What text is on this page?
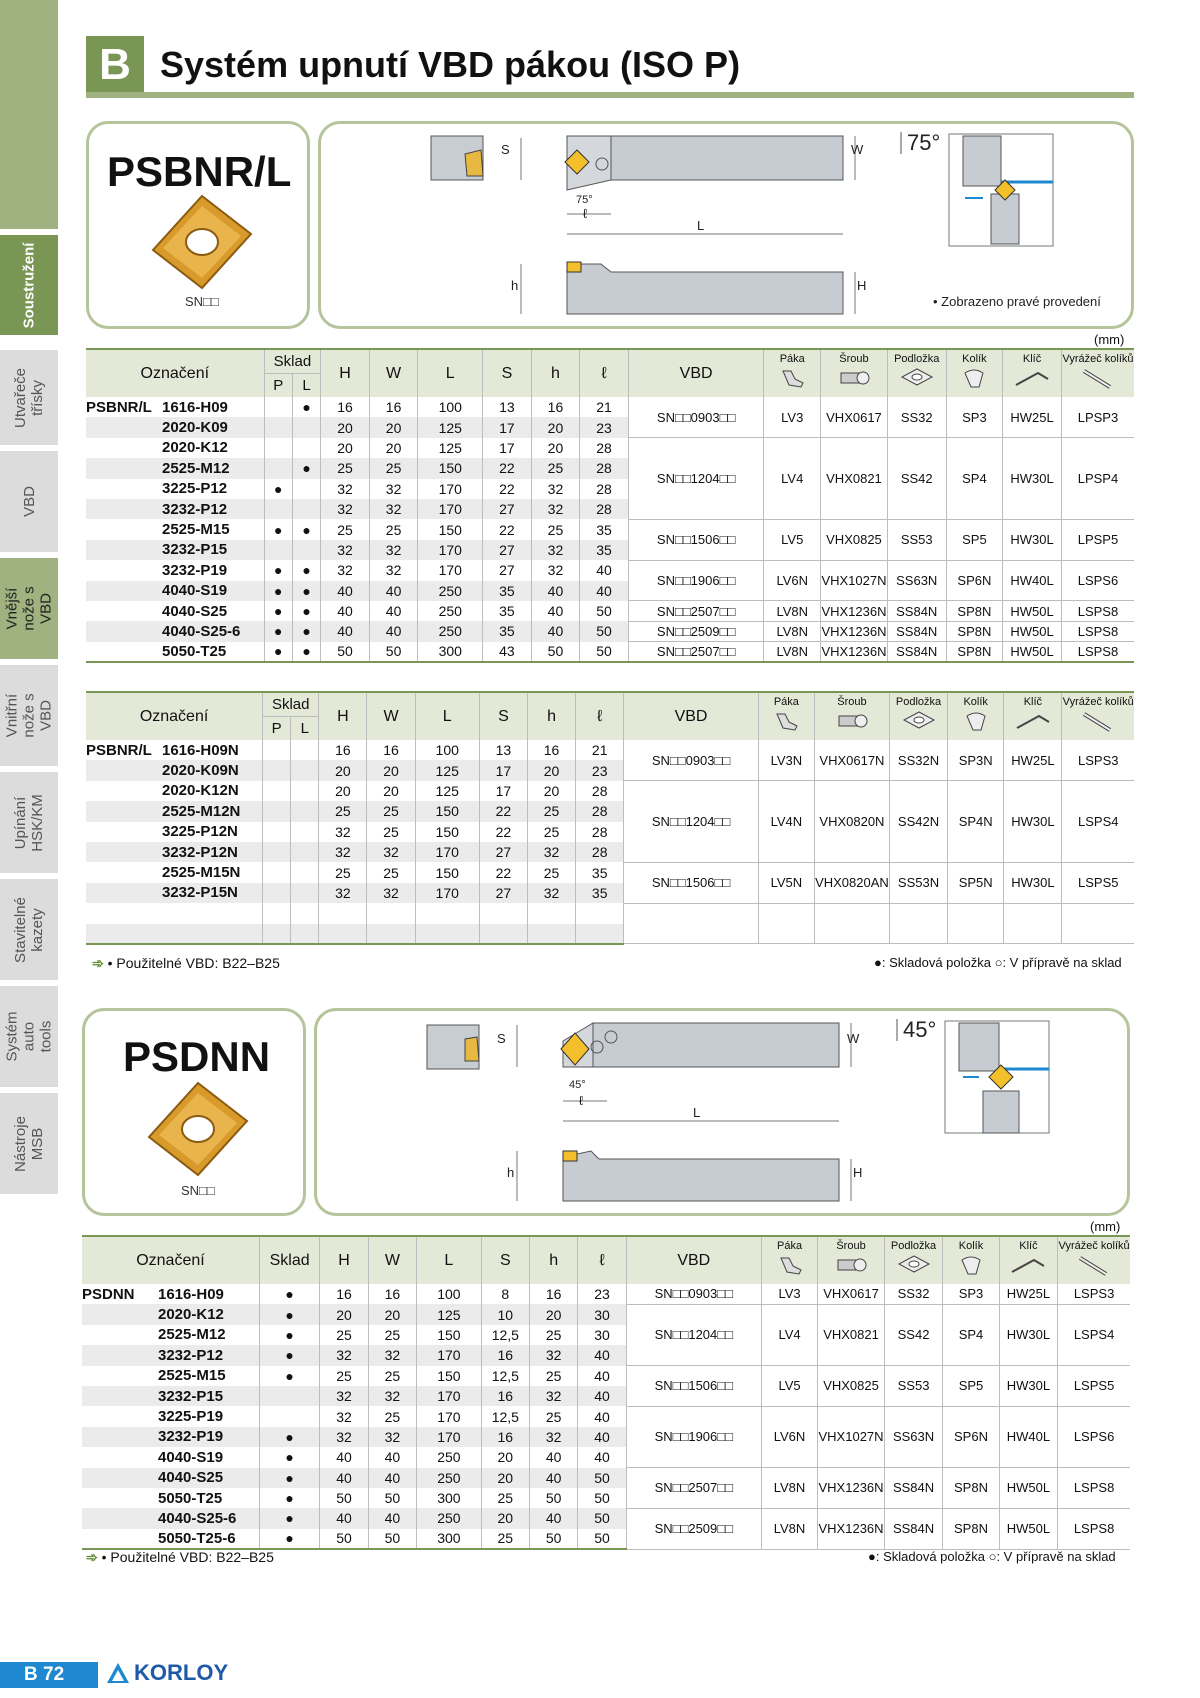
Soustružení
Utvařeče třísky
VBD
Vnější nože s VBD
Vnitřní nože s VBD
Upínání HSK/KM
Stavitelné kazety
Systém auto tools
Nástroje MSB
B Systém upnutí VBD pákou (ISO P)
PSBNR/L
SN□□
S	W
L
75°
ℓ
h	H
75°
• Zobrazeno pravé provedení
(mm)
Označení	Sklad		H	W	L	S	h	ℓ	VBD	Páka	Šroub	Podložka	Kolík	Klíč	Vyrážeč kolíků

	P	L													
PSBNR/L 1616-H09		●	16	16	100	13	16	21	SN□□0903□□	LV3	VHX0617	SS32	SP3	HW25L	LPSP3
2020-K09			20	20	125	17	20	23							
2020-K12			20	20	125	17	20	28	SN□□1204□□	LV4	VHX0821	SS42	SP4	HW30L	LPSP4
2525-M12		●	25	25	150	22	25	28							
3225-P12	●		32	32	170	22	32	28							
3232-P12			32	32	170	27	32	28							
2525-M15	●	●	25	25	150	22	25	35	SN□□1506□□	LV5	VHX0825	SS53	SP5	HW30L	LPSP5
3232-P15			32	32	170	27	32	35							
3232-P19	●	●	32	32	170	27	32	40	SN□□1906□□	LV6N	VHX1027N	SS63N	SP6N	HW40L	LSPS6
4040-S19	●	●	40	40	250	35	40	40							
4040-S25	●	●	40	40	250	35	40	50	SN□□2507□□	LV8N	VHX1236N	SS84N	SP8N	HW50L	LSPS8
4040-S25-6	●	●	40	40	250	35	40	50	SN□□2509□□	LV8N	VHX1236N	SS84N	SP8N	HW50L	LSPS8
5050-T25	●	●	50	50	300	43	50	50	SN□□2507□□	LV8N	VHX1236N	SS84N	SP8N	HW50L	LSPS8
Označení	Sklad		H	W	L	S	h	ℓ	VBD	Páka	Šroub	Podložka	Kolík	Klíč	Vyrážeč kolíků

	P	L													
PSBNR/L 1616-H09N			16	16	100	13	16	21	SN□□0903□□	LV3N	VHX0617N	SS32N	SP3N	HW25L	LSPS3
2020-K09N			20	20	125	17	20	23							
2020-K12N			20	20	125	17	20	28	SN□□1204□□	LV4N	VHX0820N	SS42N	SP4N	HW30L	LSPS4
2525-M12N			25	25	150	22	25	28							
3225-P12N			32	25	150	22	25	28							
3232-P12N			32	32	170	27	32	28							
2525-M15N			25	25	150	22	25	35	SN□□1506□□	LV5N	VHX0820AN	SS53N	SP5N	HW30L	LSPS5
3232-P15N			32	32	170	27	32	35							

➾ • Použitelné VBD: B22–B25	●: Skladová položka ○: V přípravě na sklad
PSDNN
SN□□
S	W
L
45°
ℓ
h	H
45°
(mm)
Označení	Sklad	H	W	L	S	h	ℓ	VBD	Páka	Šroub	Podložka	Kolík	Klíč	Vyrážeč kolíků

PSDNN 1616-H09	●	16	16	100	8	16	23	SN□□0903□□	LV3	VHX0617	SS32	SP3	HW25L	LSPS3
2020-K12	●	20	20	125	10	20	30	SN□□1204□□	LV4	VHX0821	SS42	SP4	HW30L	LSPS4
2525-M12	●	25	25	150	12,5	25	30							
3232-P12	●	32	32	170	16	32	40							
2525-M15	●	25	25	150	12,5	25	40	SN□□1506□□	LV5	VHX0825	SS53	SP5	HW30L	LSPS5
3232-P15		32	32	170	16	32	40							
3225-P19		32	25	170	12,5	25	40	SN□□1906□□	LV6N	VHX1027N	SS63N	SP6N	HW40L	LSPS6
3232-P19	●	32	32	170	16	32	40							
4040-S19	●	40	40	250	20	40	40							
4040-S25	●	40	40	250	20	40	50	SN□□2507□□	LV8N	VHX1236N	SS84N	SP8N	HW50L	LSPS8
5050-T25	●	50	50	300	25	50	50							
4040-S25-6	●	40	40	250	20	40	50	SN□□2509□□	LV8N	VHX1236N	SS84N	SP8N	HW50L	LSPS8
5050-T25-6	●	50	50	300	25	50	50							
➾ • Použitelné VBD: B22–B25	●: Skladová položka ○: V přípravě na sklad
B 72	KORLOY
